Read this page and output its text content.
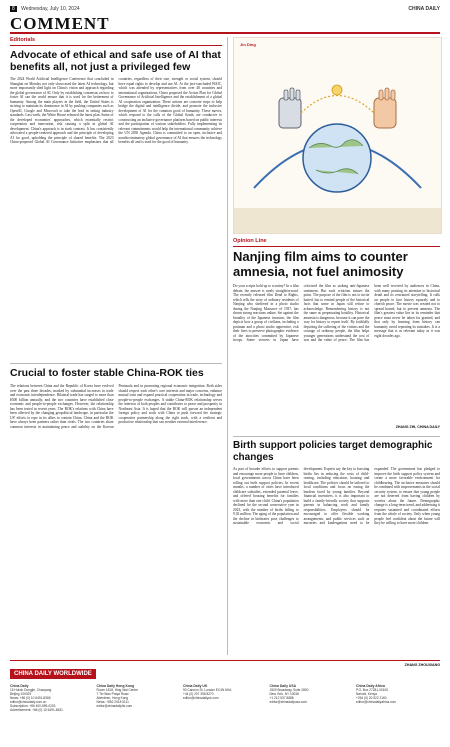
8 Wednesday, July 10, 2024	CHINA DAILY
COMMENT
Editorials
Advocate of ethical and safe use of AI that benefits all, not just a privileged few
The 2024 World Artificial Intelligence Conference that concluded in Shanghai on Monday not only showcased the latest AI technology, but more importantly shed light on China's vision and approach regarding the global governance of AI. Only by establishing consensus on how to foster AI can the world ensure that it is used for the betterment of humanity. Among the main players in the field, the United States is striving to maintain its dominance in AI by pushing companies such as OpenAI, Google and Microsoft to take the lead in setting industry standards. Last week, the White House released the latest plan. Some of the developed economies' approaches, which essentially restrict cooperation and innovation, risk causing a split in global AI development. China's approach is in stark contrast. It has consistently advocated a people-centered approach and the principle of developing AI for good, upholding the principle of shared benefits. The 2023 China-proposed Global AI Governance Initiative emphasizes that all countries, regardless of their size, strength or social system, should have equal rights to develop and use AI. At the just-concluded WAIC, which was attended by representatives from over 40 countries and international organizations, China proposed the Action Plan for Global Governance of Artificial Intelligence and the establishment of a global AI cooperation organization. These actions are concrete steps to help bridge the digital and intelligence divide, and promote the inclusive development of AI for the common good of humanity. These moves, which respond to the calls of the Global South, are conducive to constructing an inclusive governance platform based on public interests and the participation of various stakeholders. Fully implementing its relevant commitments would help the international community achieve the UN 2030 Agenda. China is committed to an open, inclusive and nondiscriminatory global governance of AI that ensures the technology benefits all and is used for the good of humanity.
Crucial to foster stable China-ROK ties
The relations between China and the Republic of Korea have evolved over the past three decades, marked by substantial increases in trade and economic interdependence. Bilateral trade has surged to more than $300 billion annually, and the two countries have established close economic and people-to-people exchanges. However, the relationship has been tested in recent years. The ROK's relations with China have been affected by the changing geopolitical landscape, in particular the US' efforts to rope in its allies to contain China. China and the ROK have always been partners rather than rivals. The two countries share common interests in maintaining peace and stability on the Korean Peninsula and in promoting regional economic integration. Both sides should respect each other's core interests and major concerns, enhance mutual trust and expand practical cooperation in trade, technology and people-to-people exchanges. A stable China-ROK relationship serves the interests of both peoples and contributes to peace and prosperity in Northeast Asia. It is hoped that the ROK will pursue an independent foreign policy and work with China to push forward the strategic cooperative partnership along the right track, with a resilient and productive relationship that can weather external interference.
Jin Ding
Opinion Line
Nanjing film aims to counter amnesia, not fuel animosity
Do your scripts hold up to scrutiny? In a film debate, the answer is rarely straightforward. The recently released film Dead to Rights, which tells the story of ordinary residents of Nanjing who sheltered in a photo studio during the Nanjing Massacre of 1937, has drawn strong reactions online. Set against the brutality of the Japanese invasion, the film depicts how a group of civilians, including a postman and a photo studio apprentice, risk their lives to preserve photographic evidence of the atrocities committed by Japanese troops. Some viewers in Japan have criticized the film as stoking anti-Japanese sentiment. But such criticism misses the point. The purpose of the film is not to incite hatred, but to remind people of the historical facts that some in Japan still refuse to acknowledge. Remembering history is not the same as perpetuating hostility. Historical amnesia is dangerous, because it can pave the way for history to repeat itself. By faithfully depicting the suffering of the victims and the courage of ordinary people, the film helps younger generations understand the cost of war and the value of peace. The film has been well received by audiences in China, with many praising its attention to historical detail and its restrained storytelling. It calls on people to face history squarely and to cherish peace. The movie was created not to spread hatred, but to prevent amnesia. The film's greatest value lies in its reminder that peace must never be taken for granted, and that only by learning from history can humanity avoid repeating its mistakes. It is a message that is as relevant today as it was eight decades ago.
ZHANG ZHI, CHINA DAILY
Birth support policies target demographic changes
As part of broader efforts to support parents and encourage more people to have children, local governments across China have been rolling out birth support policies. In recent months, a number of cities have introduced childcare subsidies, extended parental leave, and offered housing benefits for families with more than one child. China's population declined for the second consecutive year in 2023, with the number of births falling to 9.02 million. The aging of the population and the decline in birthrates pose challenges to sustainable economic and social development. Experts say the key to boosting births lies in reducing the costs of child-rearing, including education, housing and healthcare. The policies should be tailored to local conditions and focus on easing the burdens faced by young families. Beyond financial incentives, it is also important to build a family-friendly society that supports parents in balancing work and family responsibilities. Employers should be encouraged to offer flexible working arrangements, and public services such as nurseries and kindergartens need to be expanded. The government has pledged to improve the birth support policy system and create a more favorable environment for childbearing. The inclusive measures should be combined with improvements in the social security system, to ensure that young people are not deterred from having children by worries about the future. Demographic change is a long-term trend, and addressing it requires sustained and coordinated efforts from the whole of society. Only when young people feel confident about the future will they be willing to have more children.
ZHANG ZHOUXIANG
CHINA DAILY WORLDWIDE
China Daily
15 Huixin Dongjie, Chaoyang
Beijing 100029
News: +86 (0) 10 6491-8366
editor@chinadaily.com.cn
Subscription: +86 400-699-0203
Advertisement: +86 (0) 10 6491-8631
China Daily Hong Kong
Room 1818, Hing Wai Centre
7 Tin Wan Praya Road
Aberdeen, Hong Kong
News: +852 2518 5111
editor@chinadailyhk.com
China Daily UK
90 Cannon St, London EC4N 6HA
+44 (0) 207 398 8270
editor@chinadailyuk.com
China Daily USA
1500 Broadway, Suite 2800
New York, NY 10036
+1 212 537 8888
editor@chinadailyusa.com
China Daily Africa
P.O. Box 27281-00100
Nairobi, Kenya
+254 (0) 20 522 2160
editor@chinadailyafrica.com
